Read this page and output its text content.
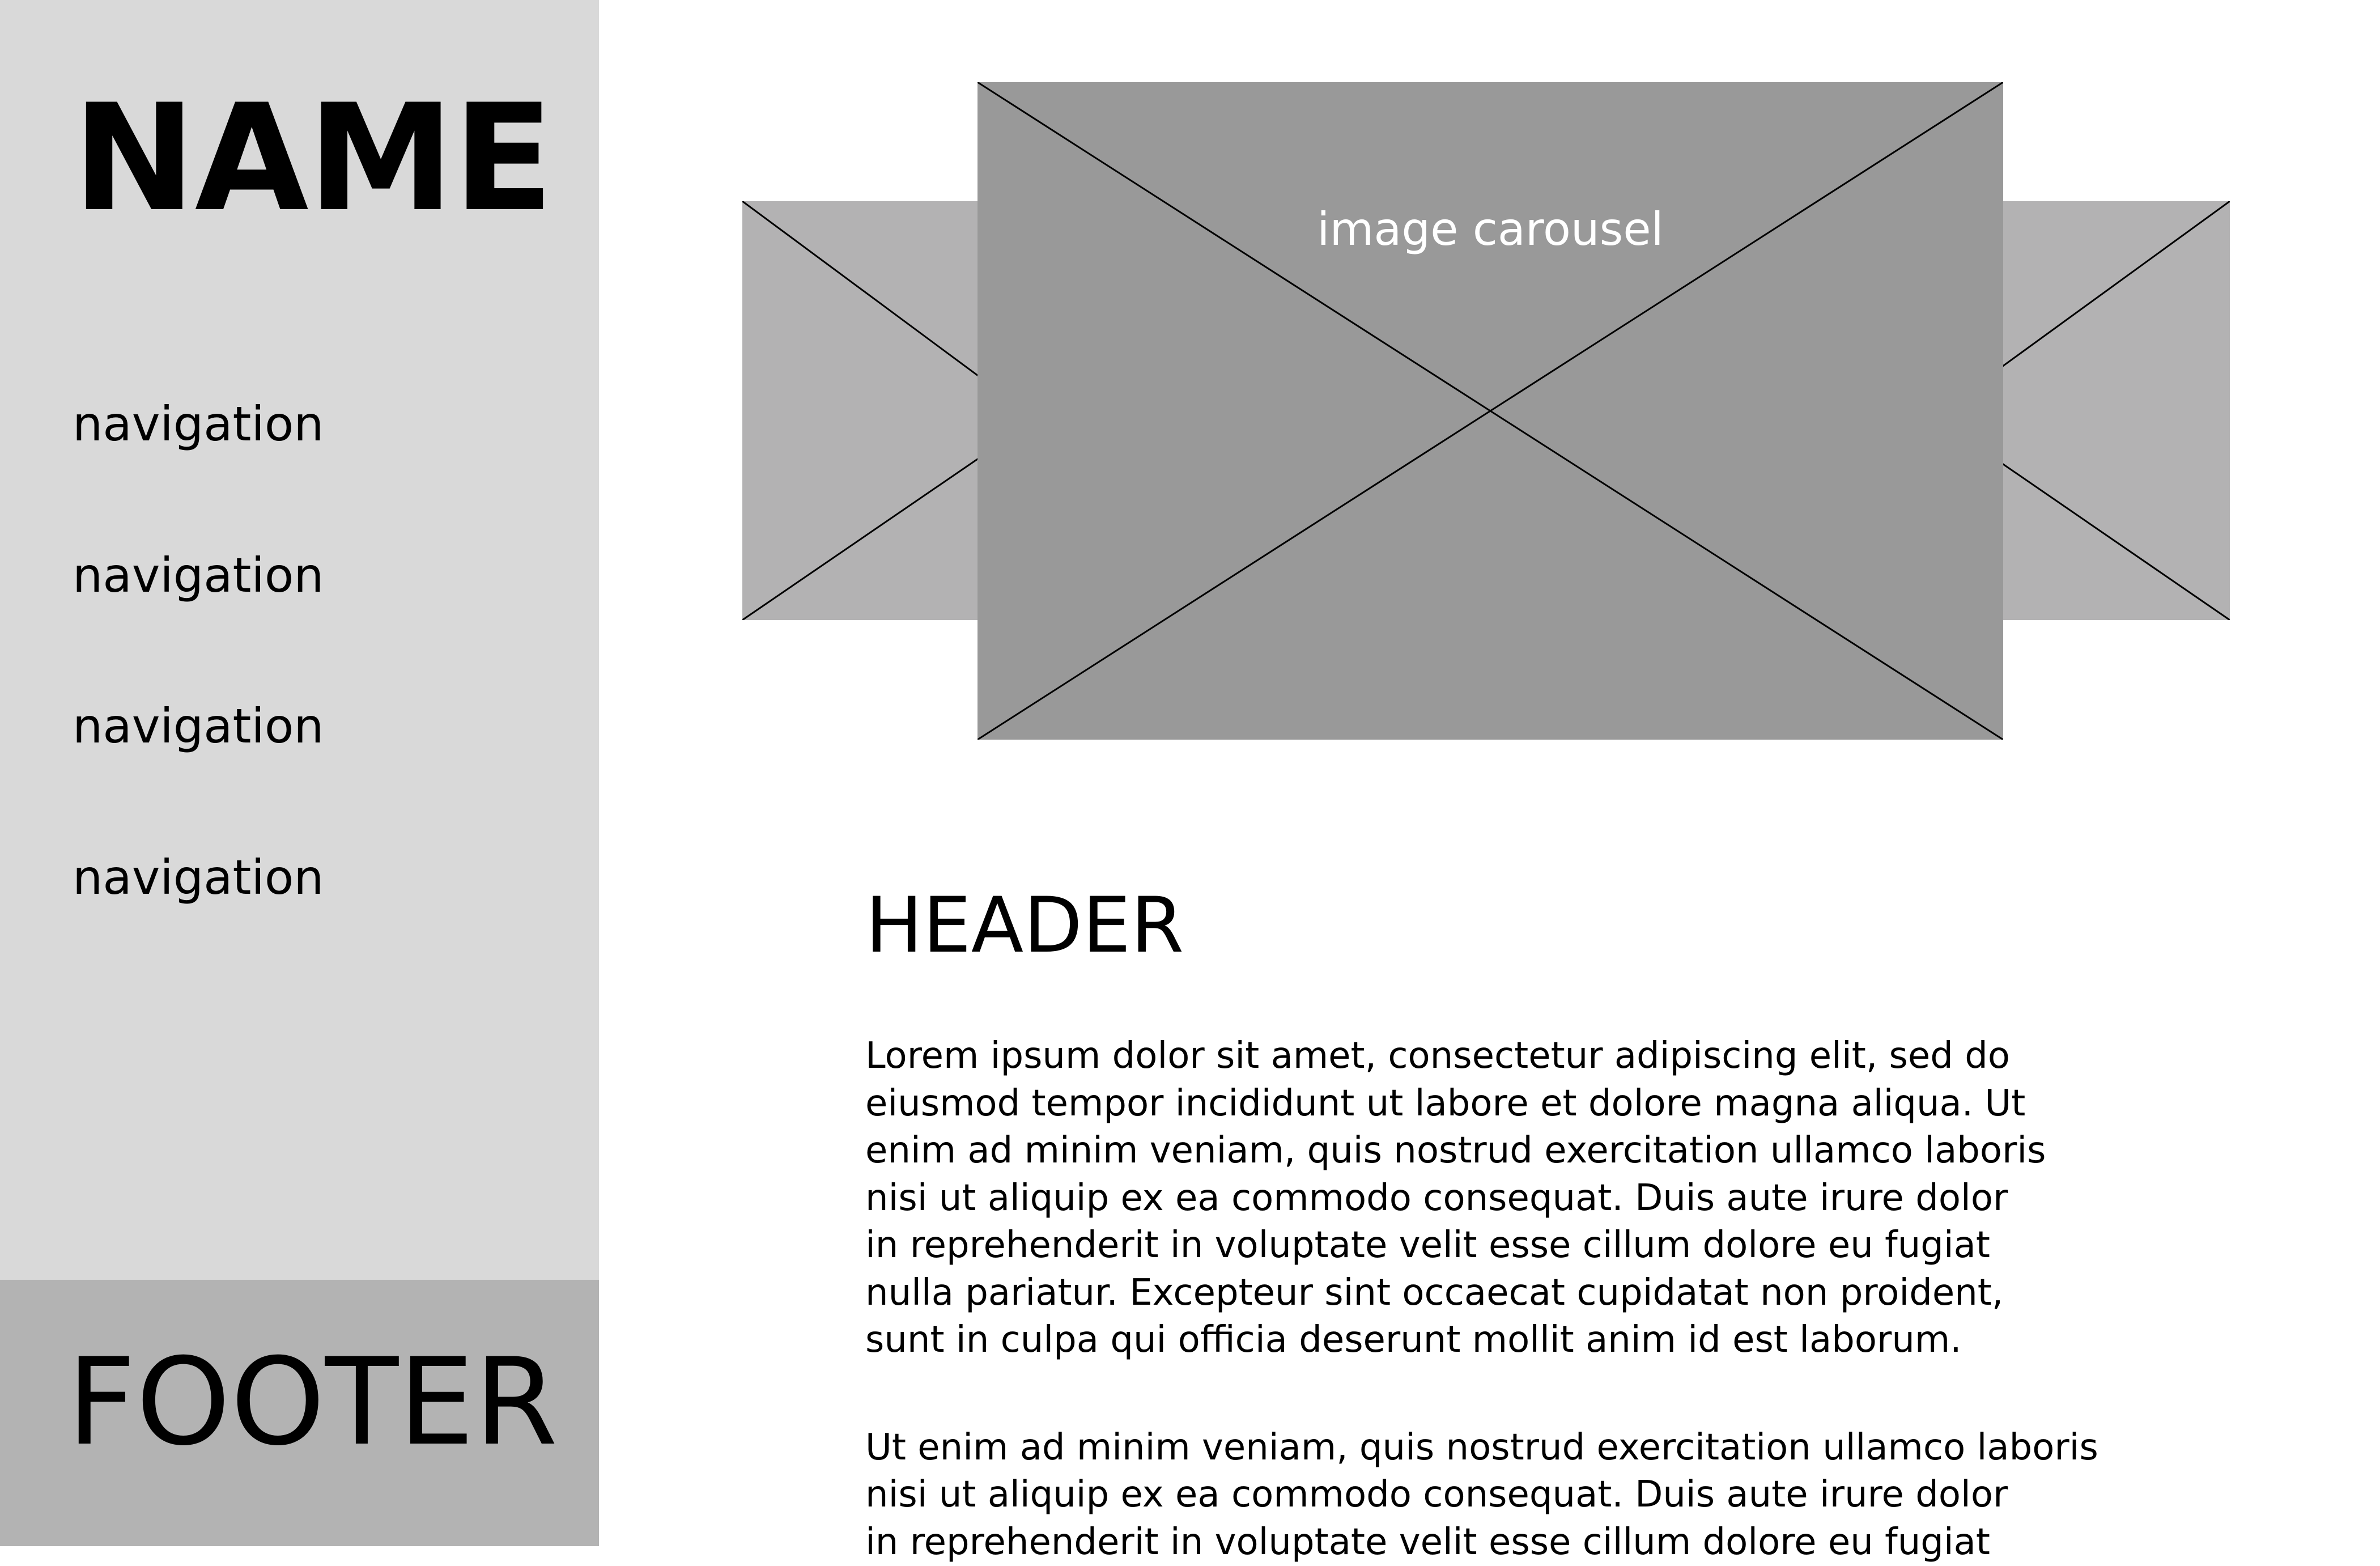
NAME
navigation
navigation
navigation
navigation
FOOTER
image carousel
HEADER

Lorem ipsum dolor sit amet, consectetur adipiscing elit, sed do
eiusmod tempor incididunt ut labore et dolore magna aliqua. Ut
enim ad minim veniam, quis nostrud exercitation ullamco laboris
nisi ut aliquip ex ea commodo consequat. Duis aute irure dolor
in reprehenderit in voluptate velit esse cillum dolore eu fugiat
nulla pariatur. Excepteur sint occaecat cupidatat non proident,
sunt in culpa qui officia deserunt mollit anim id est laborum.

Ut enim ad minim veniam, quis nostrud exercitation ullamco laboris
nisi ut aliquip ex ea commodo consequat. Duis aute irure dolor
in reprehenderit in voluptate velit esse cillum dolore eu fugiat
